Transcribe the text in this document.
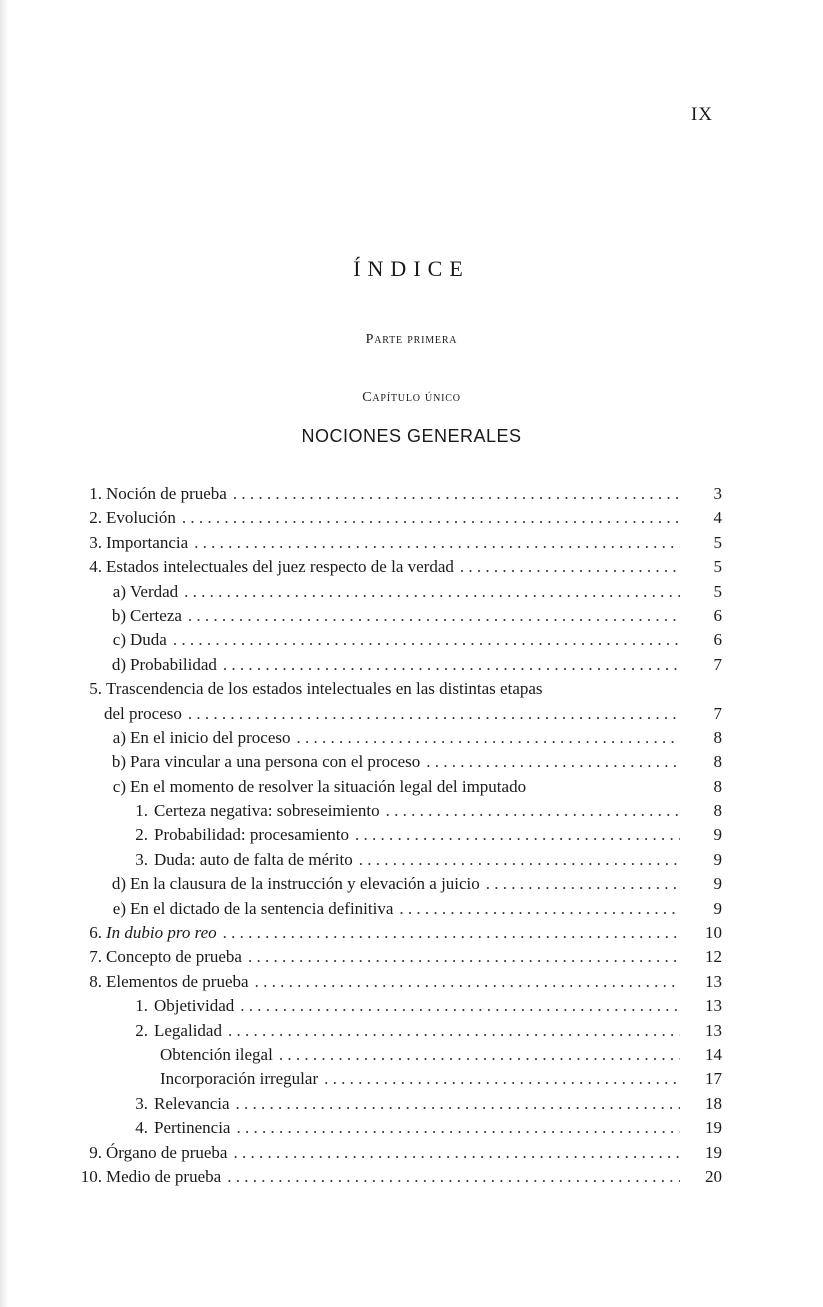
IX
ÍNDICE
Parte primera
Capítulo único
NOCIONES GENERALES
1. Noción de prueba . . .	3
2. Evolución . . .	4
3. Importancia . . .	5
4. Estados intelectuales del juez respecto de la verdad . . .	5
a) Verdad . . .	5
b) Certeza . . .	6
c) Duda . . .	6
d) Probabilidad . . .	7
5. Trascendencia de los estados intelectuales en las distintas etapas
del proceso . . .	7
a) En el inicio del proceso . . .	8
b) Para vincular a una persona con el proceso . . .	8
c) En el momento de resolver la situación legal del imputado	8
1. Certeza negativa: sobreseimiento . . .	8
2. Probabilidad: procesamiento . . .	9
3. Duda: auto de falta de mérito . . .	9
d) En la clausura de la instrucción y elevación a juicio . . .	9
e) En el dictado de la sentencia definitiva . . .	9
6. In dubio pro reo . . .	10
7. Concepto de prueba . . .	12
8. Elementos de prueba . . .	13
1. Objetividad . . .	13
2. Legalidad . . .	13
Obtención ilegal . . .	14
Incorporación irregular . . .	17
3. Relevancia . . .	18
4. Pertinencia . . .	19
9. Órgano de prueba . . .	19
10. Medio de prueba . . .	20
